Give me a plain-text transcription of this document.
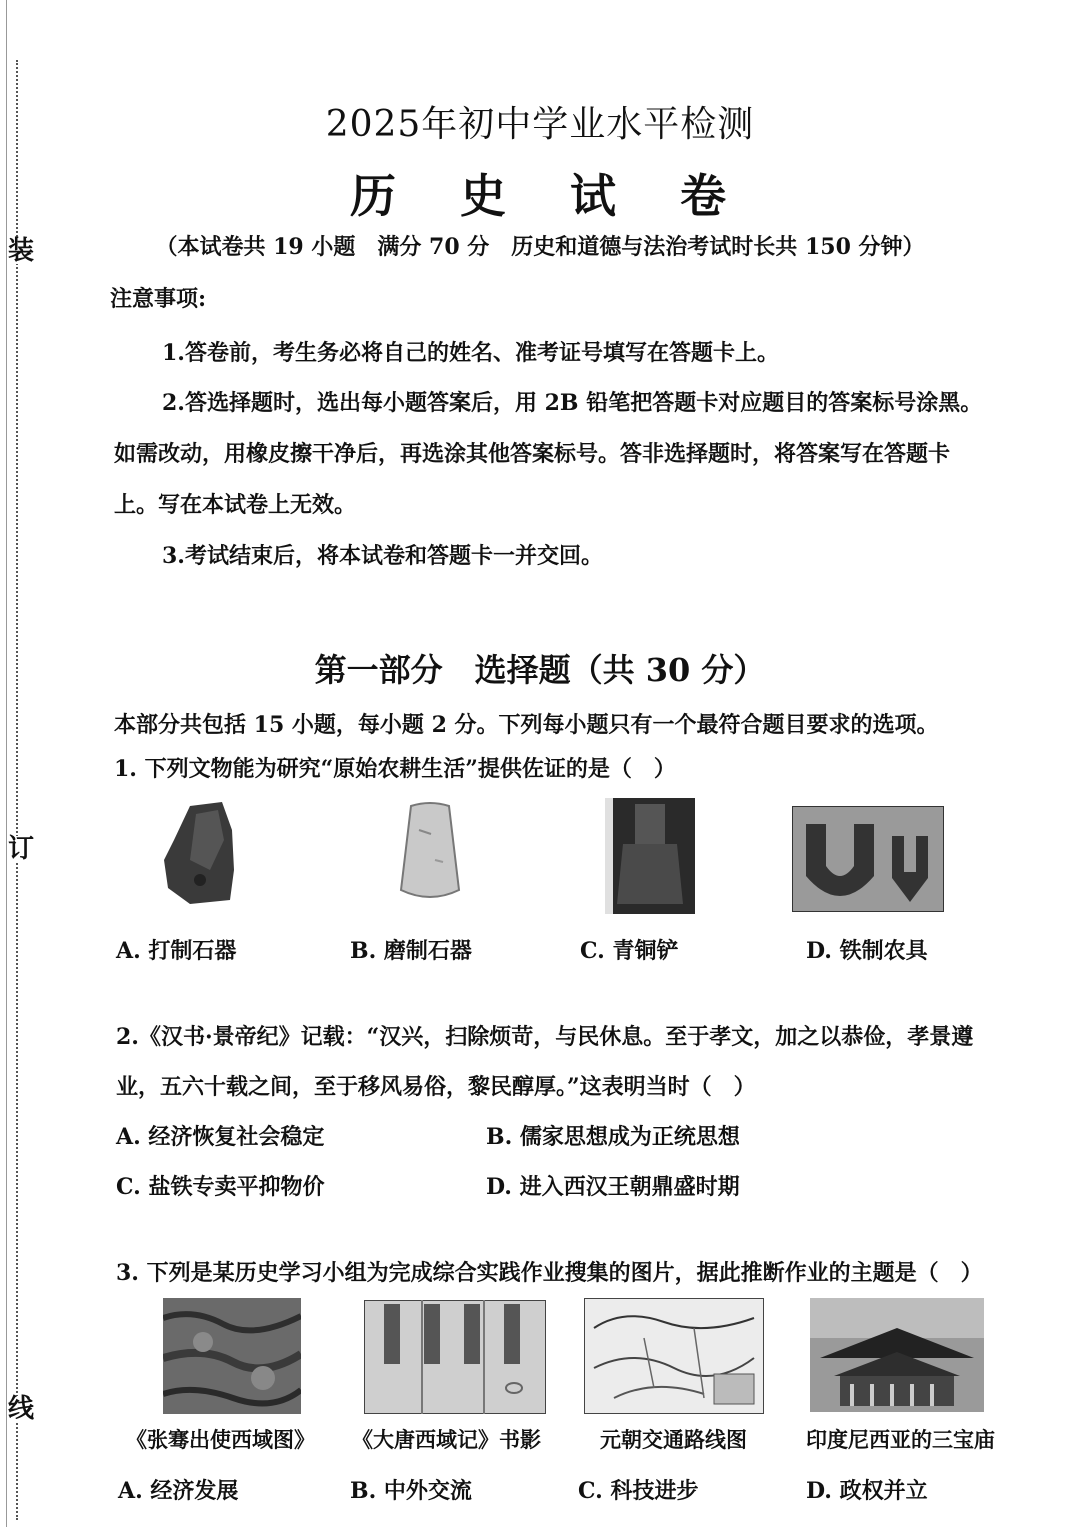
装
订
线
2025年初中学业水平检测
历 史 试 卷
（本试卷共 19 小题　满分 70 分　历史和道德与法治考试时长共 150 分钟）
注意事项:
1.答卷前，考生务必将自己的姓名、准考证号填写在答题卡上。
2.答选择题时，选出每小题答案后，用 2B 铅笔把答题卡对应题目的答案标号涂黑。
如需改动，用橡皮擦干净后，再选涂其他答案标号。答非选择题时，将答案写在答题卡
上。写在本试卷上无效。
3.考试结束后，将本试卷和答题卡一并交回。
第一部分　选择题（共 30 分）
本部分共包括 15 小题，每小题 2 分。下列每小题只有一个最符合题目要求的选项。
1. 下列文物能为研究“原始农耕生活”提供佐证的是（　）
A. 打制石器	B. 磨制石器	C. 青铜铲	D. 铁制农具
2.《汉书·景帝纪》记载：“汉兴，扫除烦苛，与民休息。至于孝文，加之以恭俭，孝景遵
业，五六十载之间，至于移风易俗，黎民醇厚。”这表明当时（　）
A. 经济恢复社会稳定	B. 儒家思想成为正统思想
C. 盐铁专卖平抑物价	D. 进入西汉王朝鼎盛时期
3. 下列是某历史学习小组为完成综合实践作业搜集的图片，据此推断作业的主题是（　）
《张骞出使西域图》 《大唐西域记》书影	元朝交通路线图	印度尼西亚的三宝庙
A. 经济发展	B. 中外交流	C. 科技进步	D. 政权并立
